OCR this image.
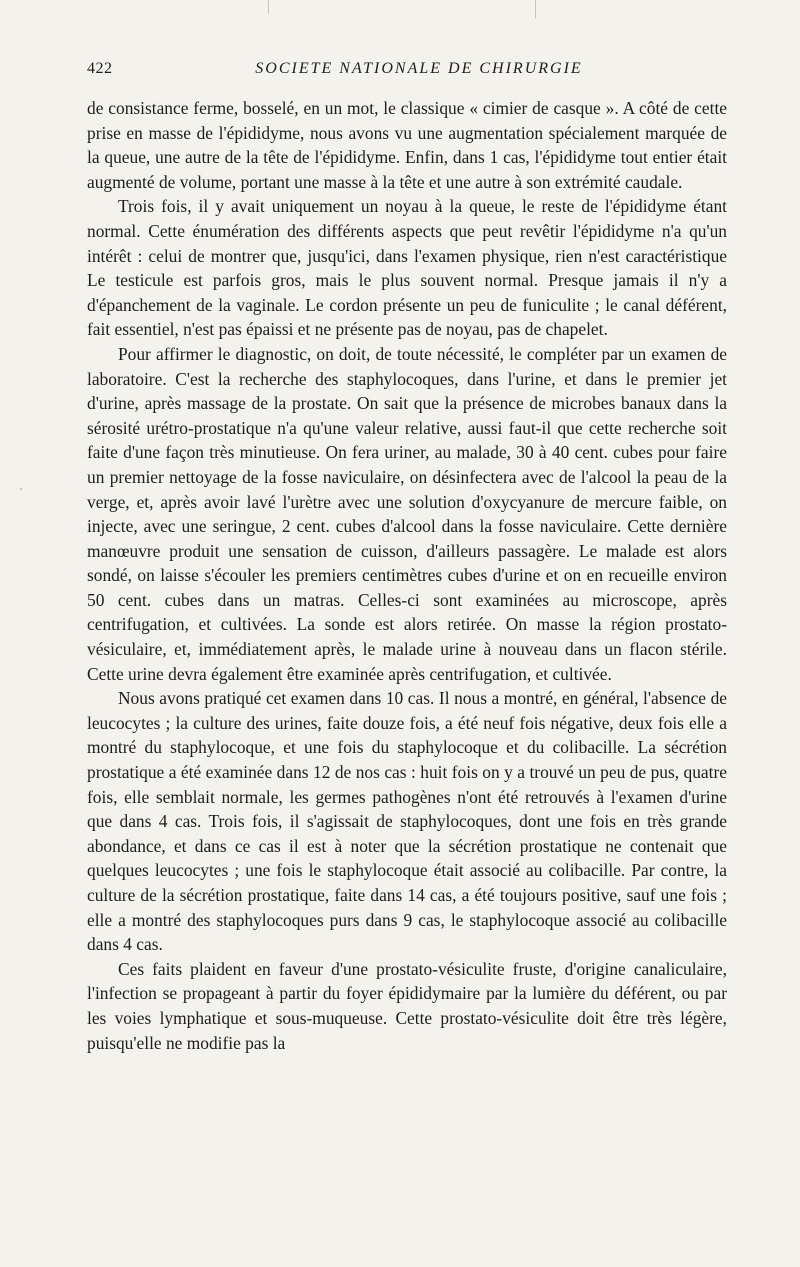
422	SOCIETE NATIONALE DE CHIRURGIE

de consistance ferme, bosselé, en un mot, le classique « cimier de casque ». A côté de cette prise en masse de l'épididyme, nous avons vu une augmentation spécialement marquée de la queue, une autre de la tête de l'épididyme. Enfin, dans 1 cas, l'épididyme tout entier était augmenté de volume, portant une masse à la tête et une autre à son extrémité caudale.

Trois fois, il y avait uniquement un noyau à la queue, le reste de l'épididyme étant normal. Cette énumération des différents aspects que peut revêtir l'épididyme n'a qu'un intérêt : celui de montrer que, jusqu'ici, dans l'examen physique, rien n'est caractéristique Le testicule est parfois gros, mais le plus souvent normal. Presque jamais il n'y a d'épanchement de la vaginale. Le cordon présente un peu de funiculite ; le canal déférent, fait essentiel, n'est pas épaissi et ne présente pas de noyau, pas de chapelet.

Pour affirmer le diagnostic, on doit, de toute nécessité, le compléter par un examen de laboratoire. C'est la recherche des staphylocoques, dans l'urine, et dans le premier jet d'urine, après massage de la prostate. On sait que la présence de microbes banaux dans la sérosité urétro-prostatique n'a qu'une valeur relative, aussi faut-il que cette recherche soit faite d'une façon très minutieuse. On fera uriner, au malade, 30 à 40 cent. cubes pour faire un premier nettoyage de la fosse naviculaire, on désinfectera avec de l'alcool la peau de la verge, et, après avoir lavé l'urètre avec une solution d'oxycyanure de mercure faible, on injecte, avec une seringue, 2 cent. cubes d'alcool dans la fosse naviculaire. Cette dernière manœuvre produit une sensation de cuisson, d'ailleurs passagère. Le malade est alors sondé, on laisse s'écouler les premiers centimètres cubes d'urine et on en recueille environ 50 cent. cubes dans un matras. Celles-ci sont examinées au microscope, après centrifugation, et cultivées. La sonde est alors retirée. On masse la région prostato-vésiculaire, et, immédiatement après, le malade urine à nouveau dans un flacon stérile. Cette urine devra également être examinée après centrifugation, et cultivée.

Nous avons pratiqué cet examen dans 10 cas. Il nous a montré, en général, l'absence de leucocytes ; la culture des urines, faite douze fois, a été neuf fois négative, deux fois elle a montré du staphylocoque, et une fois du staphylocoque et du colibacille. La sécrétion prostatique a été examinée dans 12 de nos cas : huit fois on y a trouvé un peu de pus, quatre fois, elle semblait normale, les germes pathogènes n'ont été retrouvés à l'examen d'urine que dans 4 cas. Trois fois, il s'agissait de staphylocoques, dont une fois en très grande abondance, et dans ce cas il est à noter que la sécrétion prostatique ne contenait que quelques leucocytes ; une fois le staphylocoque était associé au colibacille. Par contre, la culture de la sécrétion prostatique, faite dans 14 cas, a été toujours positive, sauf une fois ; elle a montré des staphylocoques purs dans 9 cas, le staphylocoque associé au colibacille dans 4 cas.

Ces faits plaident en faveur d'une prostato-vésiculite fruste, d'origine canaliculaire, l'infection se propageant à partir du foyer épididymaire par la lumière du déférent, ou par les voies lymphatique et sous-muqueuse. Cette prostato-vésiculite doit être très légère, puisqu'elle ne modifie pas la
